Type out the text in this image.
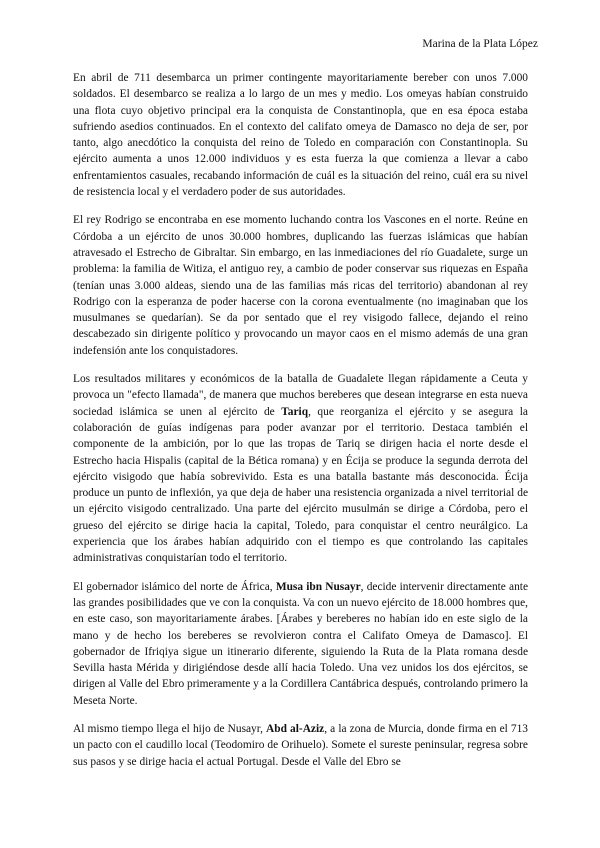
Marina de la Plata López

En abril de 711 desembarca un primer contingente mayoritariamente bereber con unos 7.000 soldados. El desembarco se realiza a lo largo de un mes y medio. Los omeyas habían construido una flota cuyo objetivo principal era la conquista de Constantinopla, que en esa época estaba sufriendo asedios continuados. En el contexto del califato omeya de Damasco no deja de ser, por tanto, algo anecdótico la conquista del reino de Toledo en comparación con Constantinopla. Su ejército aumenta a unos 12.000 individuos y es esta fuerza la que comienza a llevar a cabo enfrentamientos casuales, recabando información de cuál es la situación del reino, cuál era su nivel de resistencia local y el verdadero poder de sus autoridades.

El rey Rodrigo se encontraba en ese momento luchando contra los Vascones en el norte. Reúne en Córdoba a un ejército de unos 30.000 hombres, duplicando las fuerzas islámicas que habían atravesado el Estrecho de Gibraltar. Sin embargo, en las inmediaciones del río Guadalete, surge un problema: la familia de Witiza, el antiguo rey, a cambio de poder conservar sus riquezas en España (tenían unas 3.000 aldeas, siendo una de las familias más ricas del territorio) abandonan al rey Rodrigo con la esperanza de poder hacerse con la corona eventualmente (no imaginaban que los musulmanes se quedarían). Se da por sentado que el rey visigodo fallece, dejando el reino descabezado sin dirigente político y provocando un mayor caos en el mismo además de una gran indefensión ante los conquistadores.

Los resultados militares y económicos de la batalla de Guadalete llegan rápidamente a Ceuta y provoca un "efecto llamada", de manera que muchos bereberes que desean integrarse en esta nueva sociedad islámica se unen al ejército de Tariq, que reorganiza el ejército y se asegura la colaboración de guías indígenas para poder avanzar por el territorio. Destaca también el componente de la ambición, por lo que las tropas de Tariq se dirigen hacia el norte desde el Estrecho hacia Hispalis (capital de la Bética romana) y en Écija se produce la segunda derrota del ejército visigodo que había sobrevivido. Esta es una batalla bastante más desconocida. Écija produce un punto de inflexión, ya que deja de haber una resistencia organizada a nivel territorial de un ejército visigodo centralizado. Una parte del ejército musulmán se dirige a Córdoba, pero el grueso del ejército se dirige hacia la capital, Toledo, para conquistar el centro neurálgico. La experiencia que los árabes habían adquirido con el tiempo es que controlando las capitales administrativas conquistarían todo el territorio.

El gobernador islámico del norte de África, Musa ibn Nusayr, decide intervenir directamente ante las grandes posibilidades que ve con la conquista. Va con un nuevo ejército de 18.000 hombres que, en este caso, son mayoritariamente árabes. [Árabes y bereberes no habían ido en este siglo de la mano y de hecho los bereberes se revolvieron contra el Califato Omeya de Damasco]. El gobernador de Ifriqiya sigue un itinerario diferente, siguiendo la Ruta de la Plata romana desde Sevilla hasta Mérida y dirigiéndose desde allí hacia Toledo. Una vez unidos los dos ejércitos, se dirigen al Valle del Ebro primeramente y a la Cordillera Cantábrica después, controlando primero la Meseta Norte.

Al mismo tiempo llega el hijo de Nusayr, Abd al-Aziz, a la zona de Murcia, donde firma en el 713 un pacto con el caudillo local (Teodomiro de Orihuelo). Somete el sureste peninsular, regresa sobre sus pasos y se dirige hacia el actual Portugal. Desde el Valle del Ebro se
